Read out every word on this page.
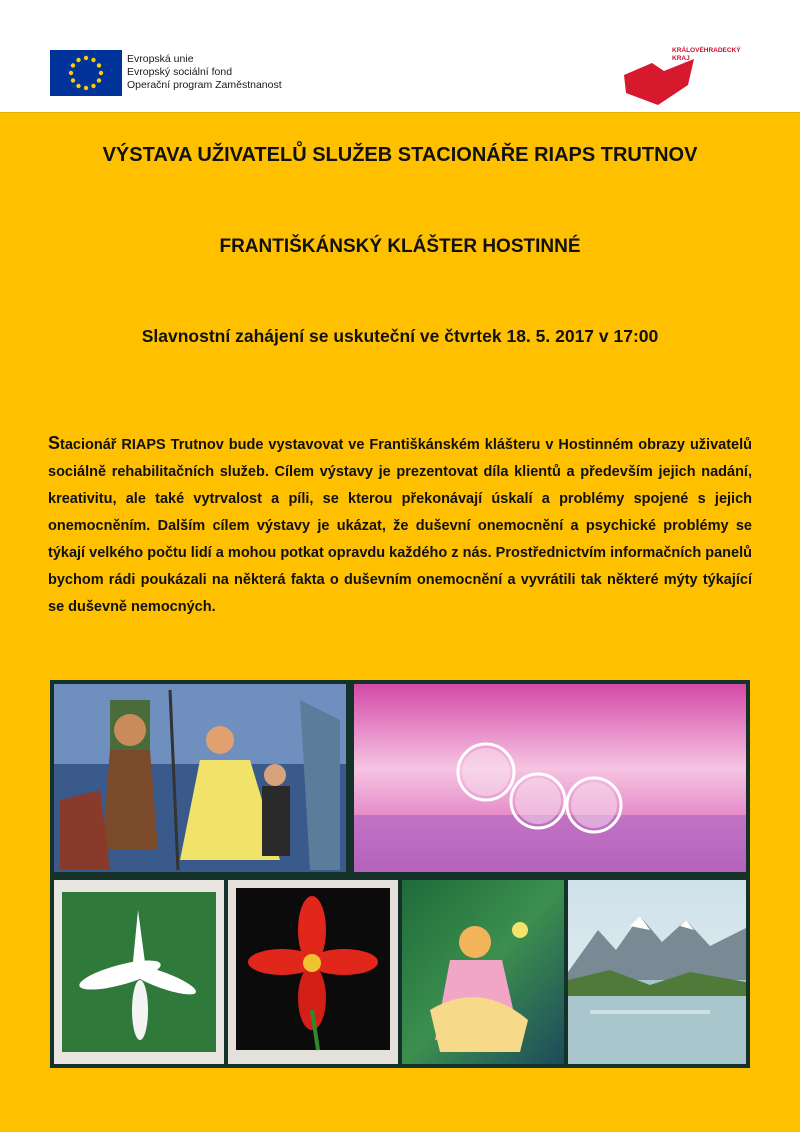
Evropská unie
Evropský sociální fond
Operační program Zaměstnanost
KRÁLOVÉHRADECKÝ
KRAJ
VÝSTAVA UŽIVATELŮ SLUŽEB STACIONÁŘE RIAPS TRUTNOV
FRANTIŠKÁNSKÝ KLÁŠTER HOSTINNÉ
Slavnostní zahájení se uskuteční ve čtvrtek 18. 5. 2017 v 17:00
Stacionář RIAPS Trutnov bude vystavovat ve Františkánském klášteru v Hostinném obrazy uživatelů sociálně rehabilitačních služeb. Cílem výstavy je prezentovat díla klientů a především jejich nadání, kreativitu, ale také vytrvalost a píli, se kterou překonávají úskalí a problémy spojené s jejich onemocněním. Dalším cílem výstavy je ukázat, že duševní onemocnění a psychické problémy se týkají velkého počtu lidí a mohou potkat opravdu každého z nás. Prostřednictvím informačních panelů bychom rádi poukázali na některá fakta o duševním onemocnění a vyvrátili tak některé mýty týkající se duševně nemocných.
